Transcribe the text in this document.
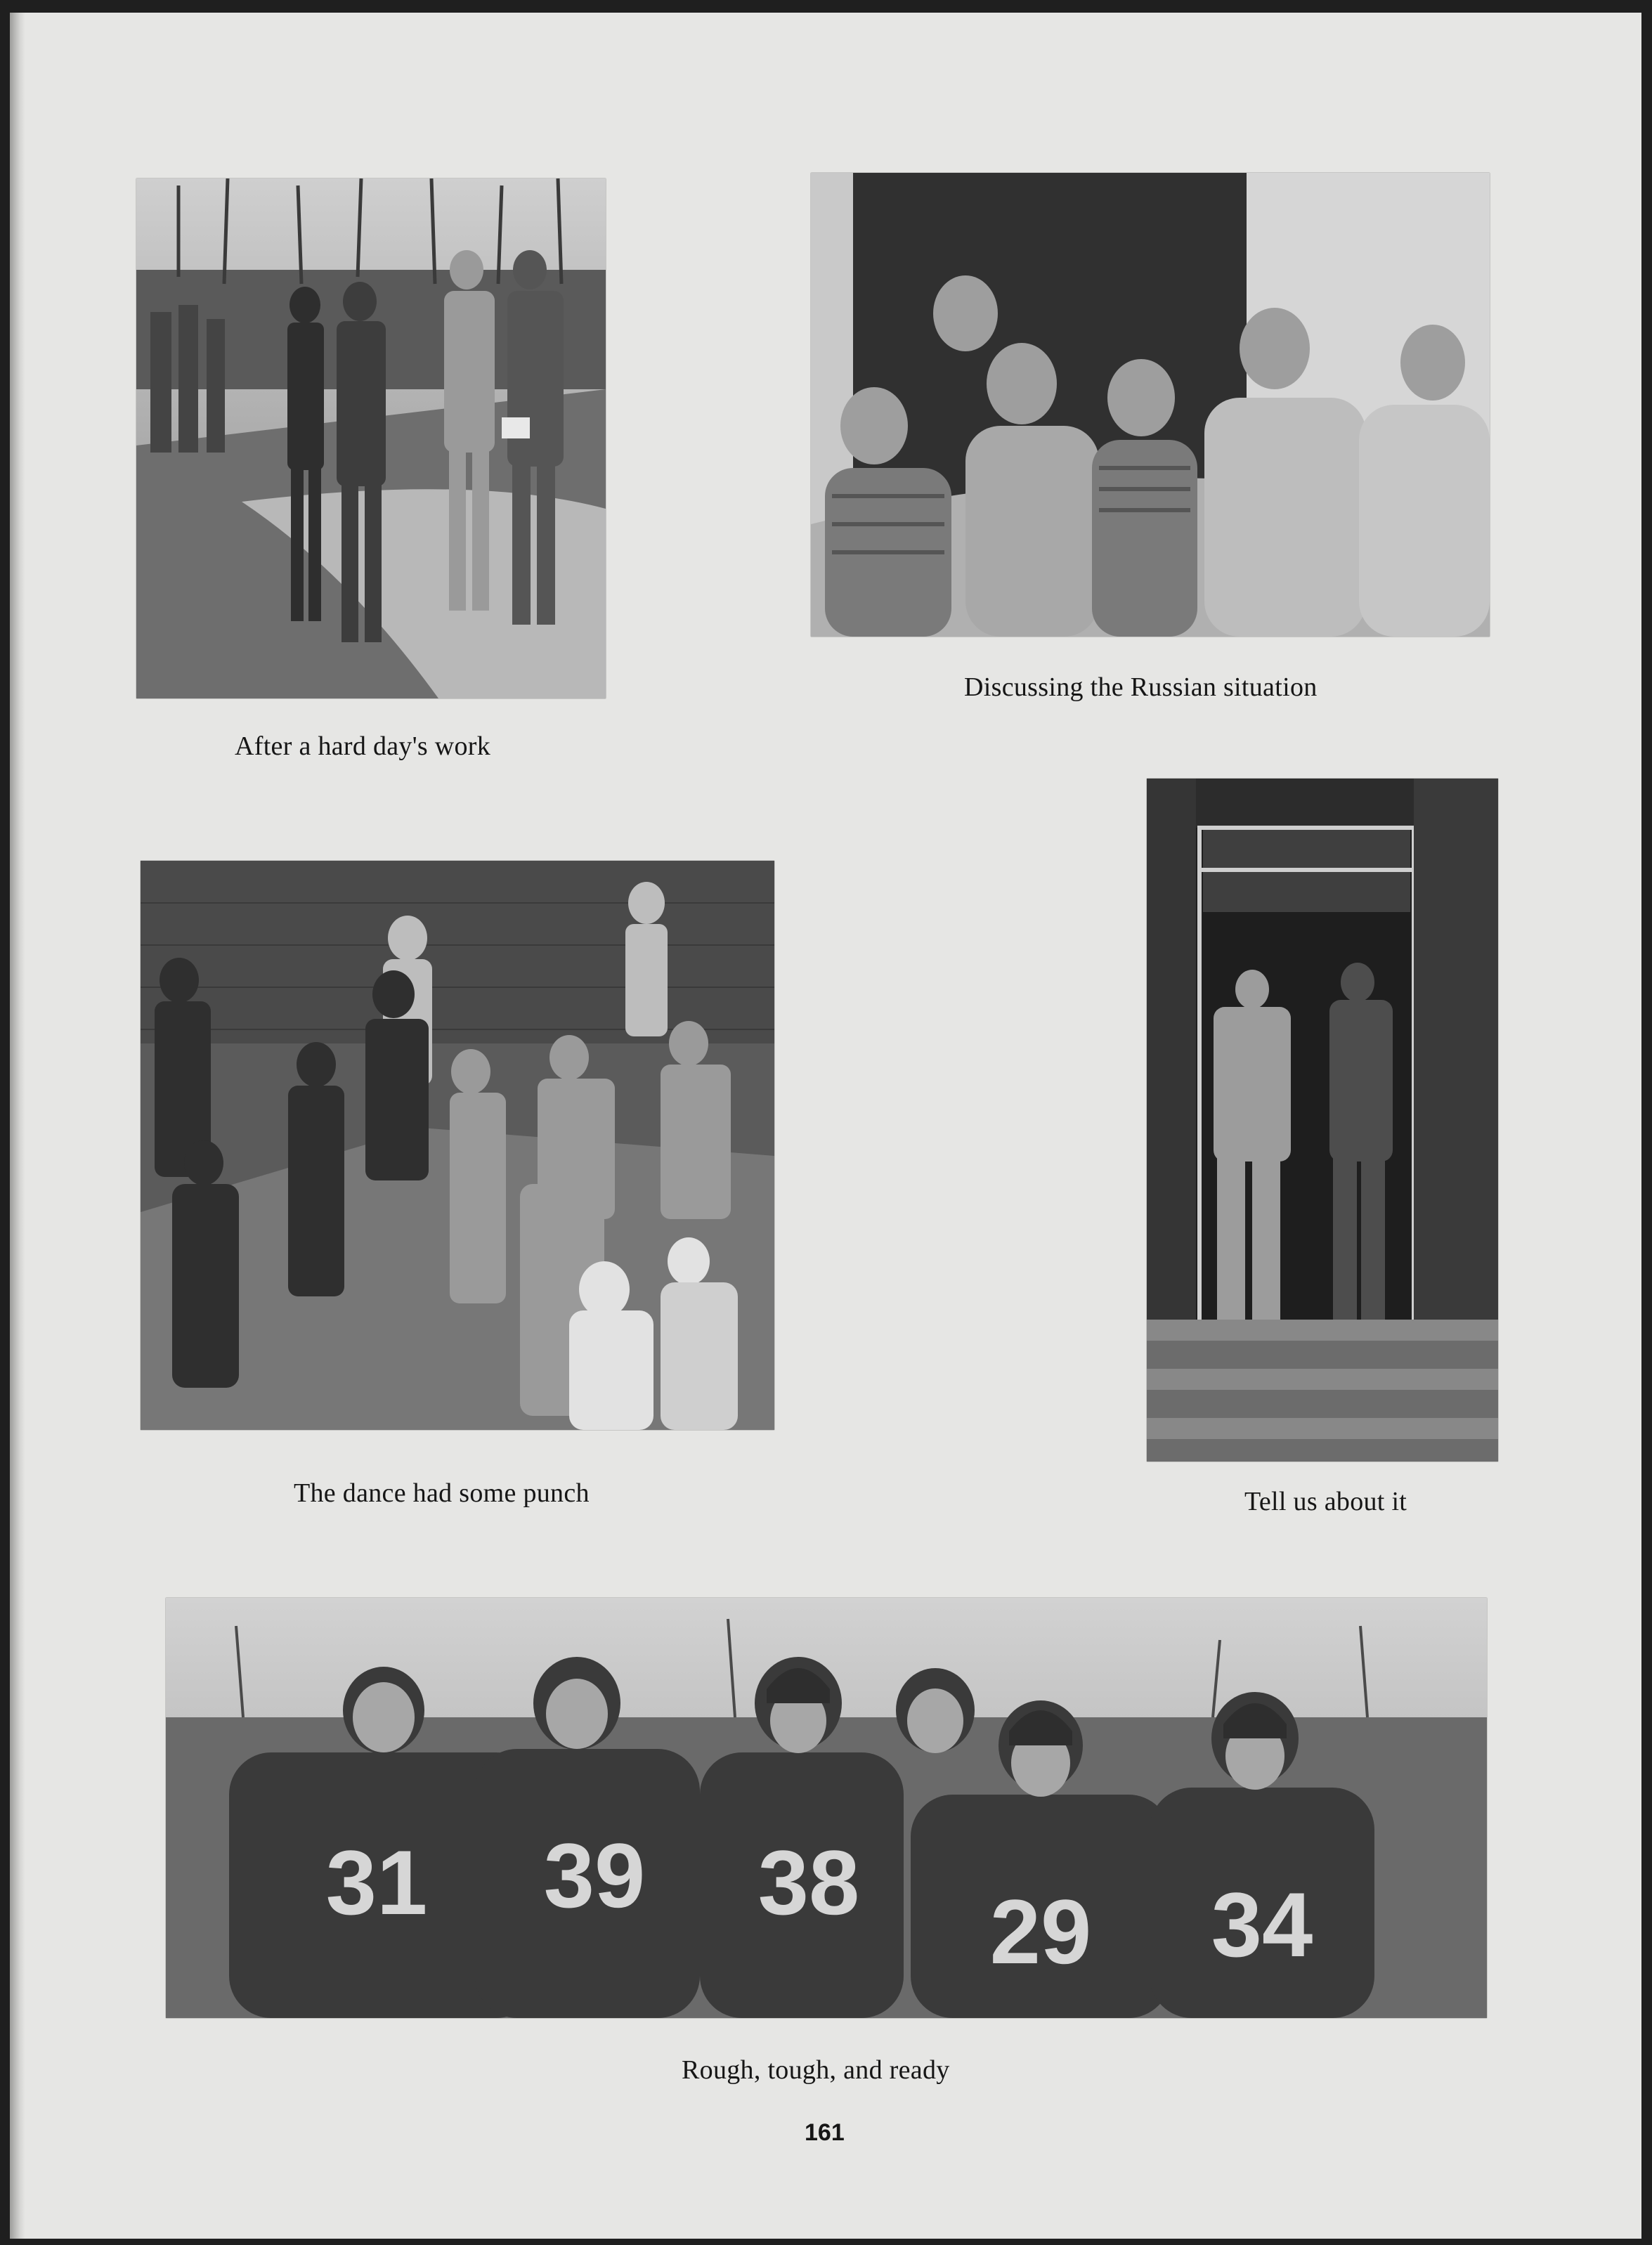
After a hard day's work
Discussing the Russian situation
The dance had some punch	Tell us about it
31 39 38 29 34
Rough, tough, and ready
161
